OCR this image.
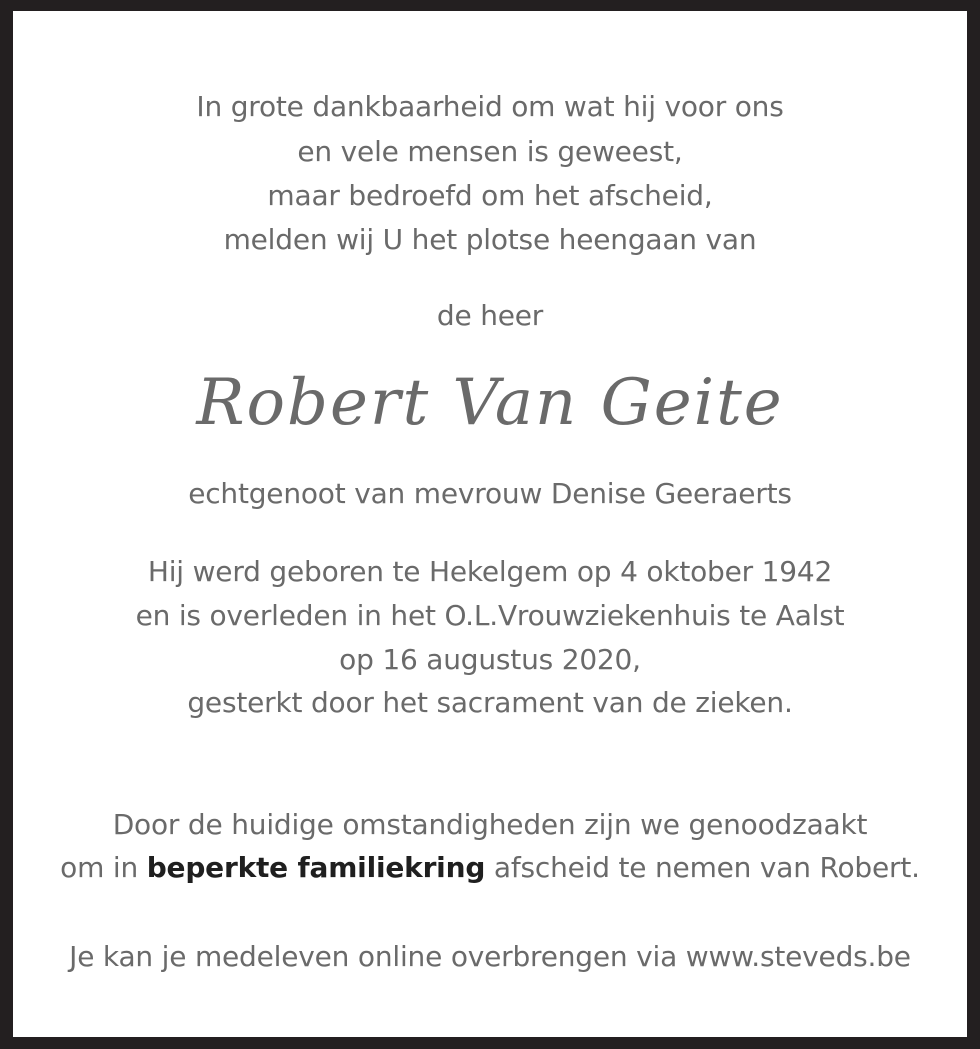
In grote dankbaarheid om wat hij voor ons
en vele mensen is geweest,
maar bedroefd om het afscheid,
melden wij U het plotse heengaan van
de heer
Robert Van Geite
echtgenoot van mevrouw Denise Geeraerts
Hij werd geboren te Hekelgem op 4 oktober 1942
en is overleden in het O.L.Vrouwziekenhuis te Aalst
op 16 augustus 2020,
gesterkt door het sacrament van de zieken.
Door de huidige omstandigheden zijn we genoodzaakt
om in beperkte familiekring afscheid te nemen van Robert.
Je kan je medeleven online overbrengen via www.steveds.be
